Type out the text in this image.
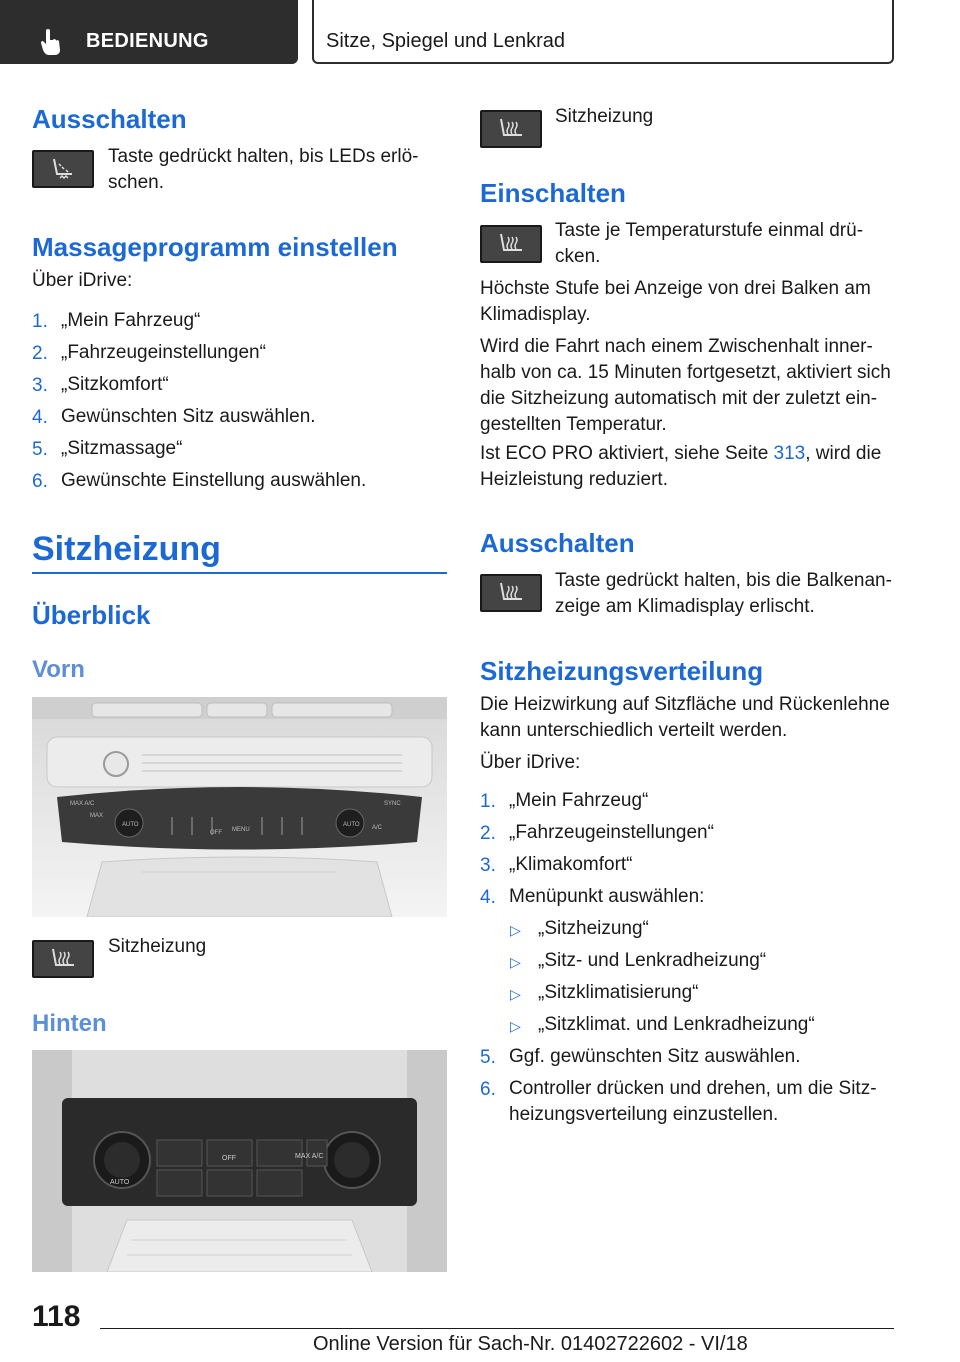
BEDIENUNG	Sitze, Spiegel und Lenkrad
Ausschalten
Taste gedrückt halten, bis LEDs erlö-
schen.
Massageprogramm einstellen
Über iDrive:
1. „Mein Fahrzeug“
2. „Fahrzeugeinstellungen“
3. „Sitzkomfort“
4. Gewünschten Sitz auswählen.
5. „Sitzmassage“
6. Gewünschte Einstellung auswählen.
Sitzheizung
Überblick
Vorn
MAX A/C
MAX
AUTO
OFF MENU
AUTO
SYNC
A/C
Sitzheizung
Hinten
AUTO
OFF	MAX A/C
Sitzheizung
Einschalten
Taste je Temperaturstufe einmal drü-
cken.
Höchste Stufe bei Anzeige von drei Balken am
Klimadisplay.
Wird die Fahrt nach einem Zwischenhalt inner-
halb von ca. 15 Minuten fortgesetzt, aktiviert sich
die Sitzheizung automatisch mit der zuletzt ein-
gestellten Temperatur.
Ist ECO PRO aktiviert, siehe Seite 313, wird die
Heizleistung reduziert.
Ausschalten
Taste gedrückt halten, bis die Balkenan-
zeige am Klimadisplay erlischt.
Sitzheizungsverteilung
Die Heizwirkung auf Sitzfläche und Rückenlehne
kann unterschiedlich verteilt werden.
Über iDrive:
1. „Mein Fahrzeug“
2. „Fahrzeugeinstellungen“
3. „Klimakomfort“
4. Menüpunkt auswählen:
▷ „Sitzheizung“
▷ „Sitz- und Lenkradheizung“
▷ „Sitzklimatisierung“
▷ „Sitzklimat. und Lenkradheizung“
5. Ggf. gewünschten Sitz auswählen.
6. Controller drücken und drehen, um die Sitz-
heizungsverteilung einzustellen.
118
Online Version für Sach-Nr. 01402722602 - VI/18
